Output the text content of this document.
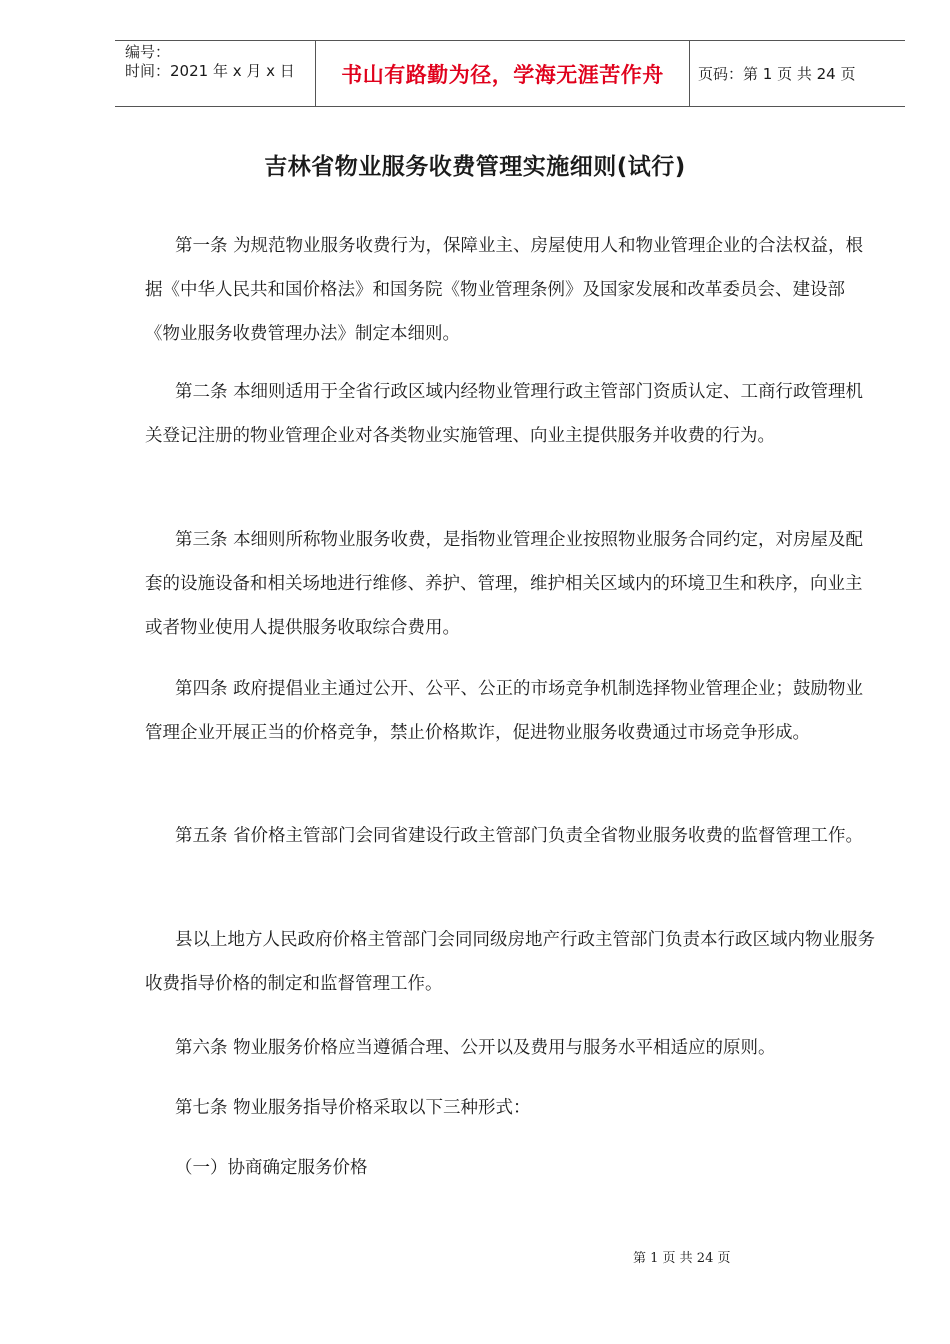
编号：
时间：2021 年 x 月 x 日	书山有路勤为径，学海无涯苦作舟 页码：第 1 页 共 24 页
吉林省物业服务收费管理实施细则(试行)

第一条 为规范物业服务收费行为，保障业主、房屋使用人和物业管理企业的合法权益，根据《中华人民共和国价格法》和国务院《物业管理条例》及国家发展和改革委员会、建设部《物业服务收费管理办法》制定本细则。

第二条 本细则适用于全省行政区域内经物业管理行政主管部门资质认定、工商行政管理机关登记注册的物业管理企业对各类物业实施管理、向业主提供服务并收费的行为。

第三条 本细则所称物业服务收费，是指物业管理企业按照物业服务合同约定，对房屋及配套的设施设备和相关场地进行维修、养护、管理，维护相关区域内的环境卫生和秩序，向业主或者物业使用人提供服务收取综合费用。

第四条 政府提倡业主通过公开、公平、公正的市场竞争机制选择物业管理企业；鼓励物业管理企业开展正当的价格竞争，禁止价格欺诈，促进物业服务收费通过市场竞争形成。

第五条 省价格主管部门会同省建设行政主管部门负责全省物业服务收费的监督管理工作。

县以上地方人民政府价格主管部门会同同级房地产行政主管部门负责本行政区域内物业服务收费指导价格的制定和监督管理工作。

第六条 物业服务价格应当遵循合理、公开以及费用与服务水平相适应的原则。

第七条 物业服务指导价格采取以下三种形式：

（一）协商确定服务价格

第 1 页 共 24 页
